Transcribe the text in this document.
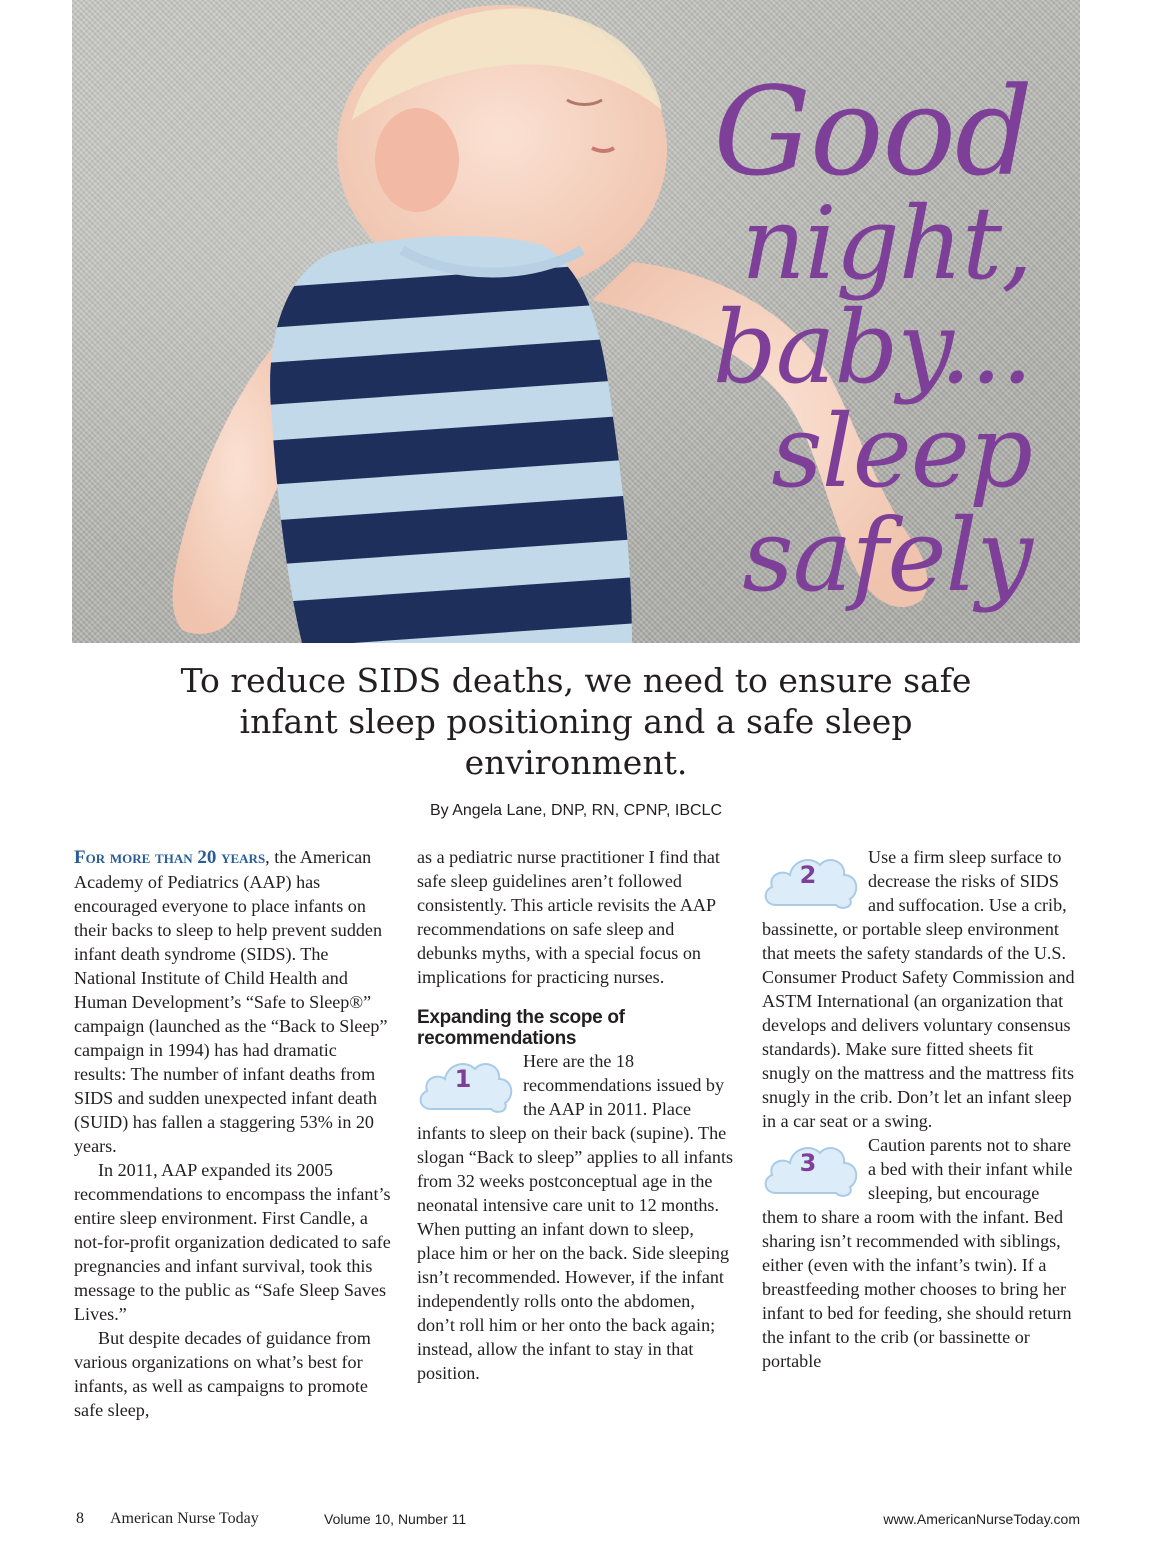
Good
night,
baby...
sleep
safely
To reduce SIDS deaths, we need to ensure safe infant sleep positioning and a safe sleep environment.
By Angela Lane, DNP, RN, CPNP, IBCLC

For more than 20 years, the American Academy of Pediatrics (AAP) has encouraged everyone to place infants on their backs to sleep to help prevent sudden infant death syndrome (SIDS). The National Institute of Child Health and Human Development’s “Safe to Sleep®” campaign (launched as the “Back to Sleep” campaign in 1994) has had dramatic results: The number of infant deaths from SIDS and sudden unexpected infant death (SUID) has fallen a staggering 53% in 20 years.

In 2011, AAP expanded its 2005 recommendations to encompass the infant’s entire sleep environment. First Candle, a not-for-profit organization dedicated to safe pregnancies and infant survival, took this message to the public as “Safe Sleep Saves Lives.”

But despite decades of guidance from various organizations on what’s best for infants, as well as campaigns to promote safe sleep,

as a pediatric nurse practitioner I find that safe sleep guidelines aren’t followed consistently. This article revisits the AAP recommendations on safe sleep and debunks myths, with a special focus on implications for practicing nurses.

Expanding the scope of recommendations
1
Here are the 18 recommendations issued by the AAP in 2011. Place infants to sleep on their back (supine). The slogan “Back to sleep” applies to all infants from 32 weeks postconceptual age in the neonatal intensive care unit to 12 months. When putting an infant down to sleep, place him or her on the back. Side sleeping isn’t recommended. However, if the infant independently rolls onto the abdomen, don’t roll him or her onto the back again; instead, allow the infant to stay in that position.
2
Use a firm sleep surface to decrease the risks of SIDS and suffocation. Use a crib, bassinette, or portable sleep environment that meets the safety standards of the U.S. Consumer Product Safety Commission and ASTM International (an organization that develops and delivers voluntary consensus standards). Make sure fitted sheets fit snugly on the mattress and the mattress fits snugly in the crib. Don’t let an infant sleep in a car seat or a swing.
3
Caution parents not to share a bed with their infant while sleeping, but encourage them to share a room with the infant. Bed sharing isn’t recommended with siblings, either (even with the infant’s twin). If a breastfeeding mother chooses to bring her infant to bed for feeding, she should return the infant to the crib (or bassinette or portable
8 American Nurse Today	Volume 10, Number 11	www.AmericanNurseToday.com
